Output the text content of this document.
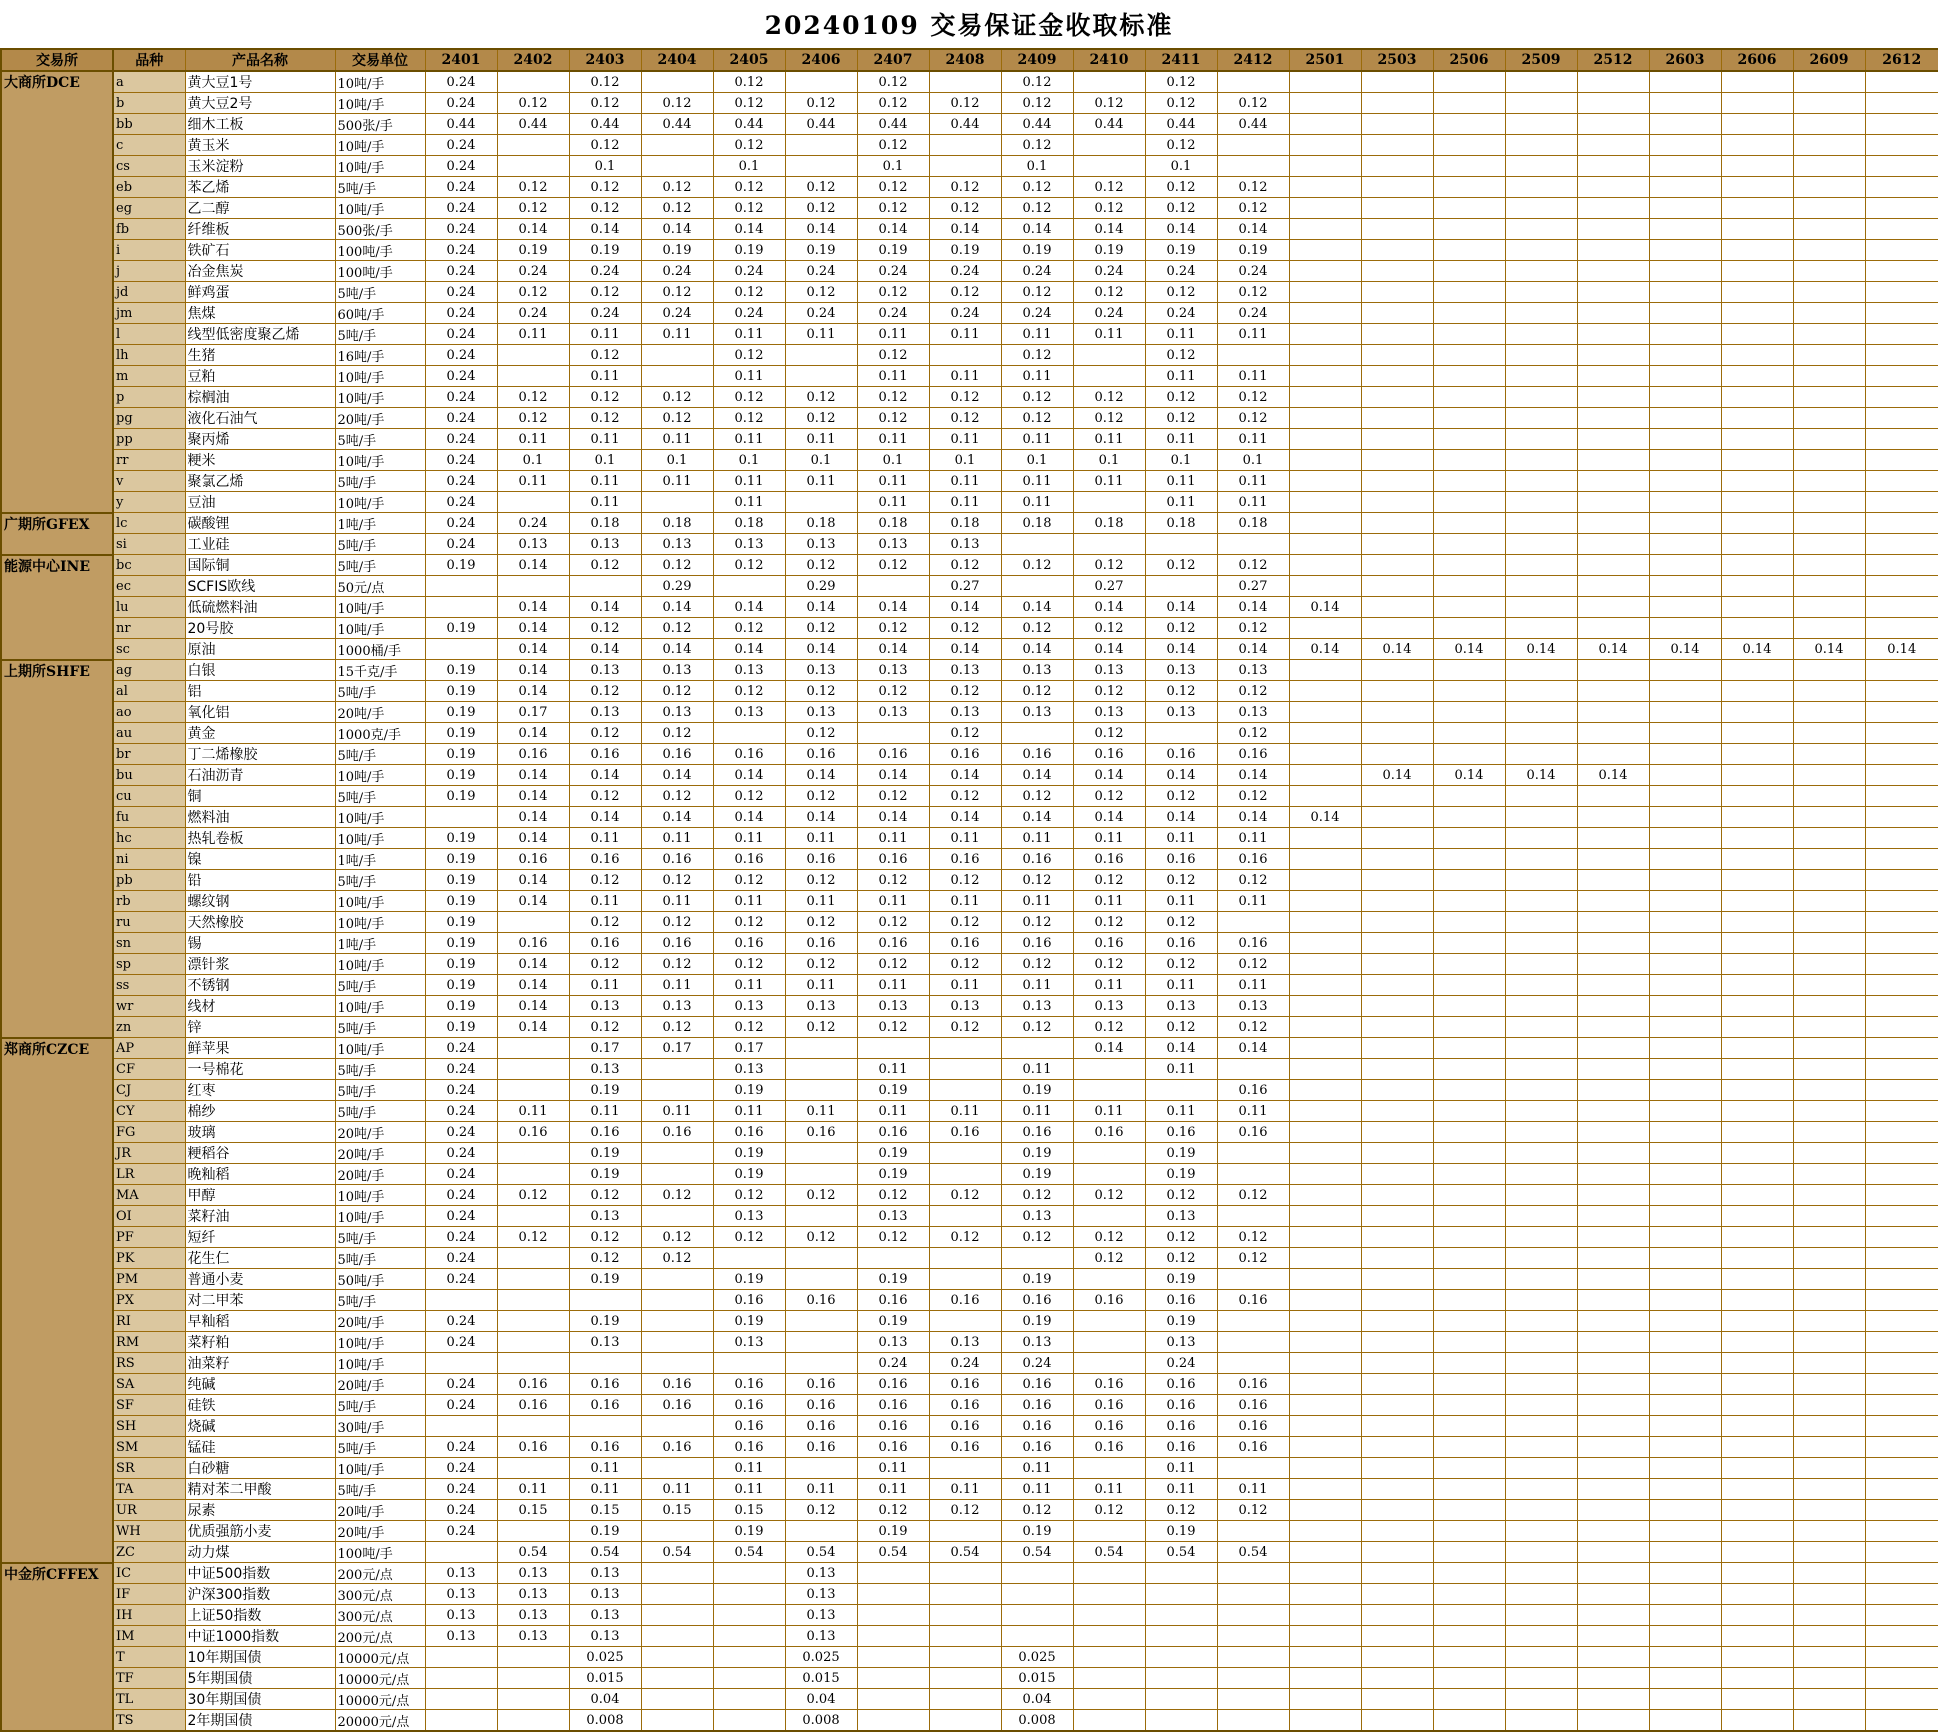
20240109 交易保证金收取标准
交易所	品种	产品名称	交易单位	2401	2402	2403	2404	2405	2406	2407	2408	2409	2410	2411	2412	2501	2503	2506	2509	2512	2603	2606	2609	2612
大商所DCE	a	黄大豆1号	10吨/手	0.24		0.12		0.12		0.12		0.12		0.12										
	b	黄大豆2号	10吨/手	0.24	0.12	0.12	0.12	0.12	0.12	0.12	0.12	0.12	0.12	0.12	0.12									
	bb	细木工板	500张/手	0.44	0.44	0.44	0.44	0.44	0.44	0.44	0.44	0.44	0.44	0.44	0.44									
	c	黄玉米	10吨/手	0.24		0.12		0.12		0.12		0.12		0.12										
	cs	玉米淀粉	10吨/手	0.24		0.1		0.1		0.1		0.1		0.1										
	eb	苯乙烯	5吨/手	0.24	0.12	0.12	0.12	0.12	0.12	0.12	0.12	0.12	0.12	0.12	0.12									
	eg	乙二醇	10吨/手	0.24	0.12	0.12	0.12	0.12	0.12	0.12	0.12	0.12	0.12	0.12	0.12									
	fb	纤维板	500张/手	0.24	0.14	0.14	0.14	0.14	0.14	0.14	0.14	0.14	0.14	0.14	0.14									
	i	铁矿石	100吨/手	0.24	0.19	0.19	0.19	0.19	0.19	0.19	0.19	0.19	0.19	0.19	0.19									
	j	冶金焦炭	100吨/手	0.24	0.24	0.24	0.24	0.24	0.24	0.24	0.24	0.24	0.24	0.24	0.24									
	jd	鲜鸡蛋	5吨/手	0.24	0.12	0.12	0.12	0.12	0.12	0.12	0.12	0.12	0.12	0.12	0.12									
	jm	焦煤	60吨/手	0.24	0.24	0.24	0.24	0.24	0.24	0.24	0.24	0.24	0.24	0.24	0.24									
	l	线型低密度聚乙烯	5吨/手	0.24	0.11	0.11	0.11	0.11	0.11	0.11	0.11	0.11	0.11	0.11	0.11									
	lh	生猪	16吨/手	0.24		0.12		0.12		0.12		0.12		0.12										
	m	豆粕	10吨/手	0.24		0.11		0.11		0.11	0.11	0.11		0.11	0.11									
	p	棕榈油	10吨/手	0.24	0.12	0.12	0.12	0.12	0.12	0.12	0.12	0.12	0.12	0.12	0.12									
	pg	液化石油气	20吨/手	0.24	0.12	0.12	0.12	0.12	0.12	0.12	0.12	0.12	0.12	0.12	0.12									
	pp	聚丙烯	5吨/手	0.24	0.11	0.11	0.11	0.11	0.11	0.11	0.11	0.11	0.11	0.11	0.11									
	rr	粳米	10吨/手	0.24	0.1	0.1	0.1	0.1	0.1	0.1	0.1	0.1	0.1	0.1	0.1									
	v	聚氯乙烯	5吨/手	0.24	0.11	0.11	0.11	0.11	0.11	0.11	0.11	0.11	0.11	0.11	0.11									
	y	豆油	10吨/手	0.24		0.11		0.11		0.11	0.11	0.11		0.11	0.11									
广期所GFEX	lc	碳酸锂	1吨/手	0.24	0.24	0.18	0.18	0.18	0.18	0.18	0.18	0.18	0.18	0.18	0.18									
	si	工业硅	5吨/手	0.24	0.13	0.13	0.13	0.13	0.13	0.13	0.13													
能源中心INE	bc	国际铜	5吨/手	0.19	0.14	0.12	0.12	0.12	0.12	0.12	0.12	0.12	0.12	0.12	0.12									
	ec	SCFIS欧线	50元/点				0.29		0.29		0.27		0.27		0.27									
	lu	低硫燃料油	10吨/手		0.14	0.14	0.14	0.14	0.14	0.14	0.14	0.14	0.14	0.14	0.14	0.14								
	nr	20号胶	10吨/手	0.19	0.14	0.12	0.12	0.12	0.12	0.12	0.12	0.12	0.12	0.12	0.12									
	sc	原油	1000桶/手		0.14	0.14	0.14	0.14	0.14	0.14	0.14	0.14	0.14	0.14	0.14	0.14	0.14	0.14	0.14	0.14	0.14	0.14	0.14	0.14
上期所SHFE	ag	白银	15千克/手	0.19	0.14	0.13	0.13	0.13	0.13	0.13	0.13	0.13	0.13	0.13	0.13									
	al	铝	5吨/手	0.19	0.14	0.12	0.12	0.12	0.12	0.12	0.12	0.12	0.12	0.12	0.12									
	ao	氧化铝	20吨/手	0.19	0.17	0.13	0.13	0.13	0.13	0.13	0.13	0.13	0.13	0.13	0.13									
	au	黄金	1000克/手	0.19	0.14	0.12	0.12		0.12		0.12		0.12		0.12									
	br	丁二烯橡胶	5吨/手	0.19	0.16	0.16	0.16	0.16	0.16	0.16	0.16	0.16	0.16	0.16	0.16									
	bu	石油沥青	10吨/手	0.19	0.14	0.14	0.14	0.14	0.14	0.14	0.14	0.14	0.14	0.14	0.14		0.14	0.14	0.14	0.14				
	cu	铜	5吨/手	0.19	0.14	0.12	0.12	0.12	0.12	0.12	0.12	0.12	0.12	0.12	0.12									
	fu	燃料油	10吨/手		0.14	0.14	0.14	0.14	0.14	0.14	0.14	0.14	0.14	0.14	0.14	0.14								
	hc	热轧卷板	10吨/手	0.19	0.14	0.11	0.11	0.11	0.11	0.11	0.11	0.11	0.11	0.11	0.11									
	ni	镍	1吨/手	0.19	0.16	0.16	0.16	0.16	0.16	0.16	0.16	0.16	0.16	0.16	0.16									
	pb	铅	5吨/手	0.19	0.14	0.12	0.12	0.12	0.12	0.12	0.12	0.12	0.12	0.12	0.12									
	rb	螺纹钢	10吨/手	0.19	0.14	0.11	0.11	0.11	0.11	0.11	0.11	0.11	0.11	0.11	0.11									
	ru	天然橡胶	10吨/手	0.19		0.12	0.12	0.12	0.12	0.12	0.12	0.12	0.12	0.12										
	sn	锡	1吨/手	0.19	0.16	0.16	0.16	0.16	0.16	0.16	0.16	0.16	0.16	0.16	0.16									
	sp	漂针浆	10吨/手	0.19	0.14	0.12	0.12	0.12	0.12	0.12	0.12	0.12	0.12	0.12	0.12									
	ss	不锈钢	5吨/手	0.19	0.14	0.11	0.11	0.11	0.11	0.11	0.11	0.11	0.11	0.11	0.11									
	wr	线材	10吨/手	0.19	0.14	0.13	0.13	0.13	0.13	0.13	0.13	0.13	0.13	0.13	0.13									
	zn	锌	5吨/手	0.19	0.14	0.12	0.12	0.12	0.12	0.12	0.12	0.12	0.12	0.12	0.12									
郑商所CZCE	AP	鲜苹果	10吨/手	0.24		0.17	0.17	0.17					0.14	0.14	0.14									
	CF	一号棉花	5吨/手	0.24		0.13		0.13		0.11		0.11		0.11										
	CJ	红枣	5吨/手	0.24		0.19		0.19		0.19		0.19			0.16									
	CY	棉纱	5吨/手	0.24	0.11	0.11	0.11	0.11	0.11	0.11	0.11	0.11	0.11	0.11	0.11									
	FG	玻璃	20吨/手	0.24	0.16	0.16	0.16	0.16	0.16	0.16	0.16	0.16	0.16	0.16	0.16									
	JR	粳稻谷	20吨/手	0.24		0.19		0.19		0.19		0.19		0.19										
	LR	晚籼稻	20吨/手	0.24		0.19		0.19		0.19		0.19		0.19										
	MA	甲醇	10吨/手	0.24	0.12	0.12	0.12	0.12	0.12	0.12	0.12	0.12	0.12	0.12	0.12									
	OI	菜籽油	10吨/手	0.24		0.13		0.13		0.13		0.13		0.13										
	PF	短纤	5吨/手	0.24	0.12	0.12	0.12	0.12	0.12	0.12	0.12	0.12	0.12	0.12	0.12									
	PK	花生仁	5吨/手	0.24		0.12	0.12						0.12	0.12	0.12									
	PM	普通小麦	50吨/手	0.24		0.19		0.19		0.19		0.19		0.19										
	PX	对二甲苯	5吨/手					0.16	0.16	0.16	0.16	0.16	0.16	0.16	0.16									
	RI	早籼稻	20吨/手	0.24		0.19		0.19		0.19		0.19		0.19										
	RM	菜籽粕	10吨/手	0.24		0.13		0.13		0.13	0.13	0.13		0.13										
	RS	油菜籽	10吨/手							0.24	0.24	0.24		0.24										
	SA	纯碱	20吨/手	0.24	0.16	0.16	0.16	0.16	0.16	0.16	0.16	0.16	0.16	0.16	0.16									
	SF	硅铁	5吨/手	0.24	0.16	0.16	0.16	0.16	0.16	0.16	0.16	0.16	0.16	0.16	0.16									
	SH	烧碱	30吨/手					0.16	0.16	0.16	0.16	0.16	0.16	0.16	0.16									
	SM	锰硅	5吨/手	0.24	0.16	0.16	0.16	0.16	0.16	0.16	0.16	0.16	0.16	0.16	0.16									
	SR	白砂糖	10吨/手	0.24		0.11		0.11		0.11		0.11		0.11										
	TA	精对苯二甲酸	5吨/手	0.24	0.11	0.11	0.11	0.11	0.11	0.11	0.11	0.11	0.11	0.11	0.11									
	UR	尿素	20吨/手	0.24	0.15	0.15	0.15	0.15	0.12	0.12	0.12	0.12	0.12	0.12	0.12									
	WH	优质强筋小麦	20吨/手	0.24		0.19		0.19		0.19		0.19		0.19										
	ZC	动力煤	100吨/手		0.54	0.54	0.54	0.54	0.54	0.54	0.54	0.54	0.54	0.54	0.54									
中金所CFFEX	IC	中证500指数	200元/点	0.13	0.13	0.13			0.13															
	IF	沪深300指数	300元/点	0.13	0.13	0.13			0.13															
	IH	上证50指数	300元/点	0.13	0.13	0.13			0.13															
	IM	中证1000指数	200元/点	0.13	0.13	0.13			0.13															
	T	10年期国债	10000元/点			0.025			0.025			0.025												
	TF	5年期国债	10000元/点			0.015			0.015			0.015												
	TL	30年期国债	10000元/点			0.04			0.04			0.04												
	TS	2年期国债	20000元/点			0.008			0.008			0.008												
